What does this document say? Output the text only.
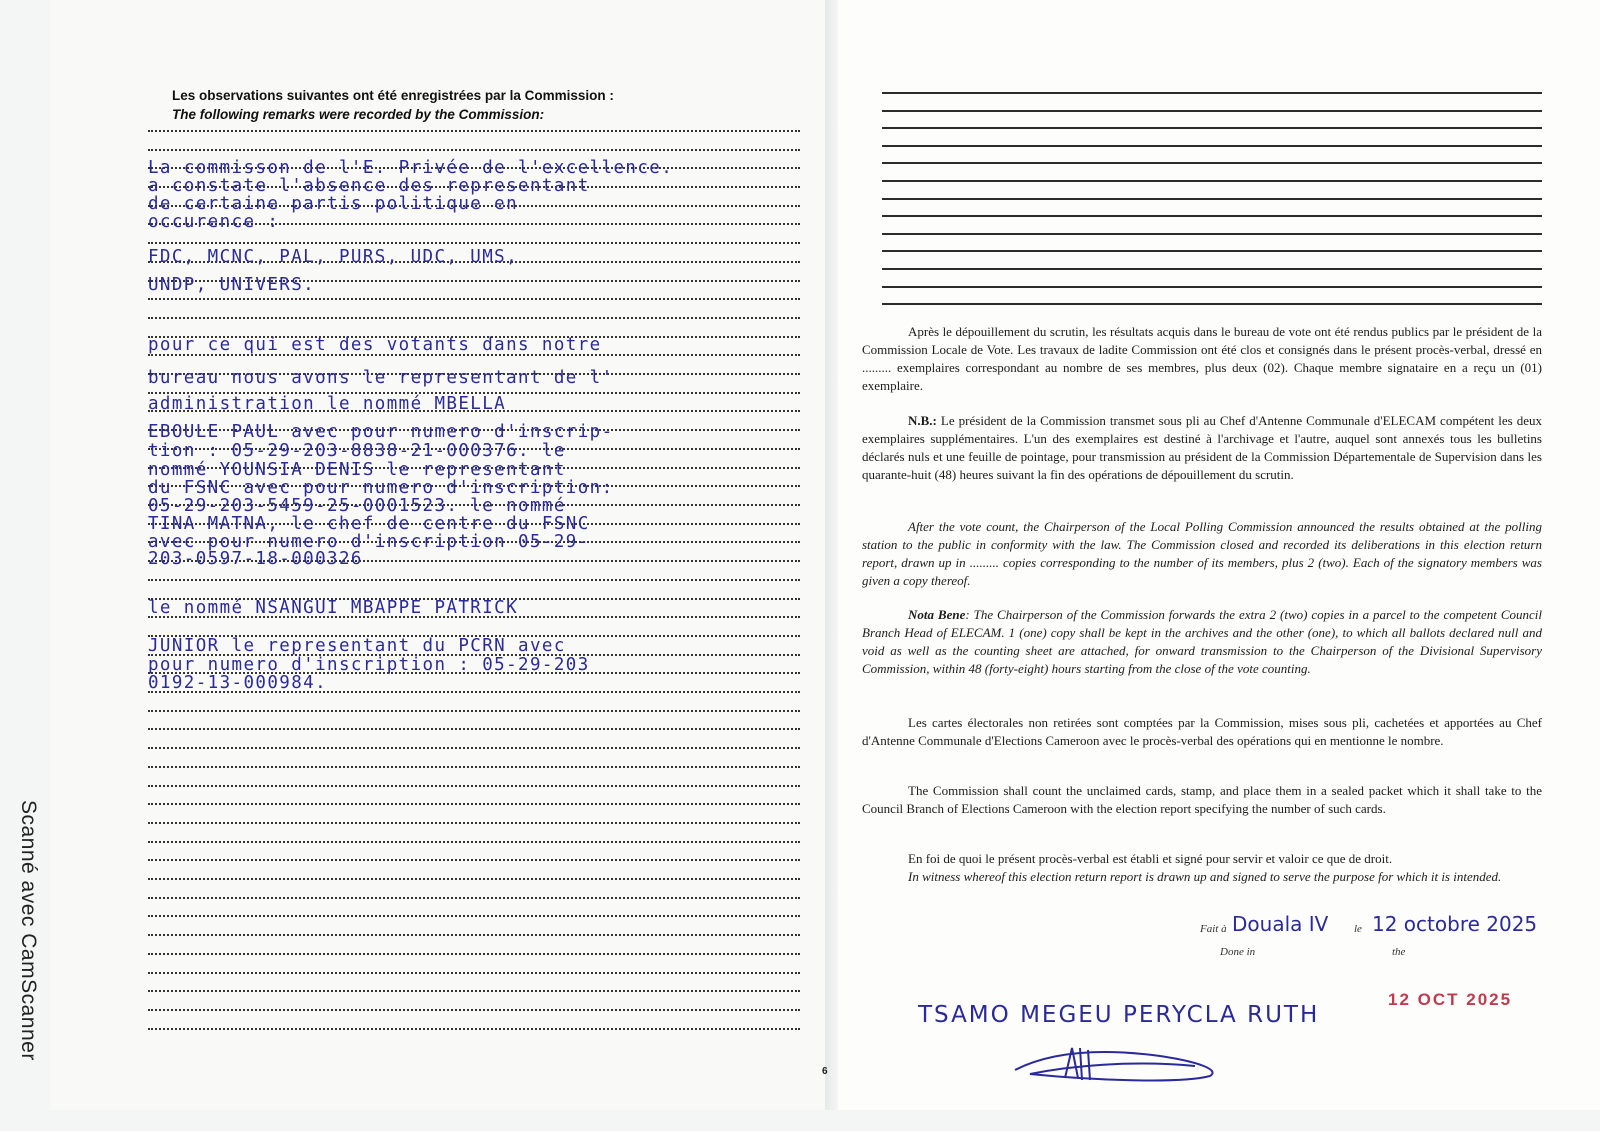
Scanné avec CamScanner
Les observations suivantes ont été enregistrées par la Commission :
The following remarks were recorded by the Commission:
La commisson de l'E. Privée de l'excellence.
a constate l'absence des representant
de certaine partis politique en
occurence :
FDC, MCNC, PAL, PURS, UDC, UMS,
UNDP, UNIVERS.
pour ce qui est des votants dans notre
bureau nous avons le representant de l'
administration le nommé MBELLA
EBOULE PAUL avec pour numero d'inscrip-
tion : 05-29-203-8838-21-000376. le
nommé YOUNSIA DENIS le representant
du FSNC avec pour numero d'inscription:
05-29-203-5459-25-0001523. le nommé
TINA MATNA, le chef de centre du FSNC
avec pour numero d'inscription 05-29-
203-0597-18-000326
le nommé NSANGUI MBAPPE PATRICK
JUNIOR le representant du PCRN avec
pour numero d'inscription : 05-29-203
0192-13-000984.
6
Après le dépouillement du scrutin, les résultats acquis dans le bureau de vote ont été rendus publics par le président de la Commission Locale de Vote. Les travaux de ladite Commission ont été clos et consignés dans le présent procès-verbal, dressé en ......... exemplaires correspondant au nombre de ses membres, plus deux (02). Chaque membre signataire en a reçu un (01) exemplaire.
N.B.: Le président de la Commission transmet sous pli au Chef d'Antenne Communale d'ELECAM compétent les deux exemplaires supplémentaires. L'un des exemplaires est destiné à l'archivage et l'autre, auquel sont annexés tous les bulletins déclarés nuls et une feuille de pointage, pour transmission au président de la Commission Départementale de Supervision dans les quarante-huit (48) heures suivant la fin des opérations de dépouillement du scrutin.
After the vote count, the Chairperson of the Local Polling Commission announced the results obtained at the polling station to the public in conformity with the law. The Commission closed and recorded its deliberations in this election return report, drawn up in ......... copies corresponding to the number of its members, plus 2 (two). Each of the signatory members was given a copy thereof.
Nota Bene: The Chairperson of the Commission forwards the extra 2 (two) copies in a parcel to the competent Council Branch Head of ELECAM. 1 (one) copy shall be kept in the archives and the other (one), to which all ballots declared null and void as well as the counting sheet are attached, for onward transmission to the Chairperson of the Divisional Supervisory Commission, within 48 (forty-eight) hours starting from the close of the vote counting.
Les cartes électorales non retirées sont comptées par la Commission, mises sous pli, cachetées et apportées au Chef d'Antenne Communale d'Elections Cameroon avec le procès-verbal des opérations qui en mentionne le nombre.
The Commission shall count the unclaimed cards, stamp, and place them in a sealed packet which it shall take to the Council Branch of Elections Cameroon with the election report specifying the number of such cards.
En foi de quoi le présent procès-verbal est établi et signé pour servir et valoir ce que de droit.
In witness whereof this election return report is drawn up and signed to serve the purpose for which it is intended.
Fait à Douala IV le 12 octobre 2025
Done in	the
12 OCT 2025
TSAMO MEGEU PERYCLA RUTH
